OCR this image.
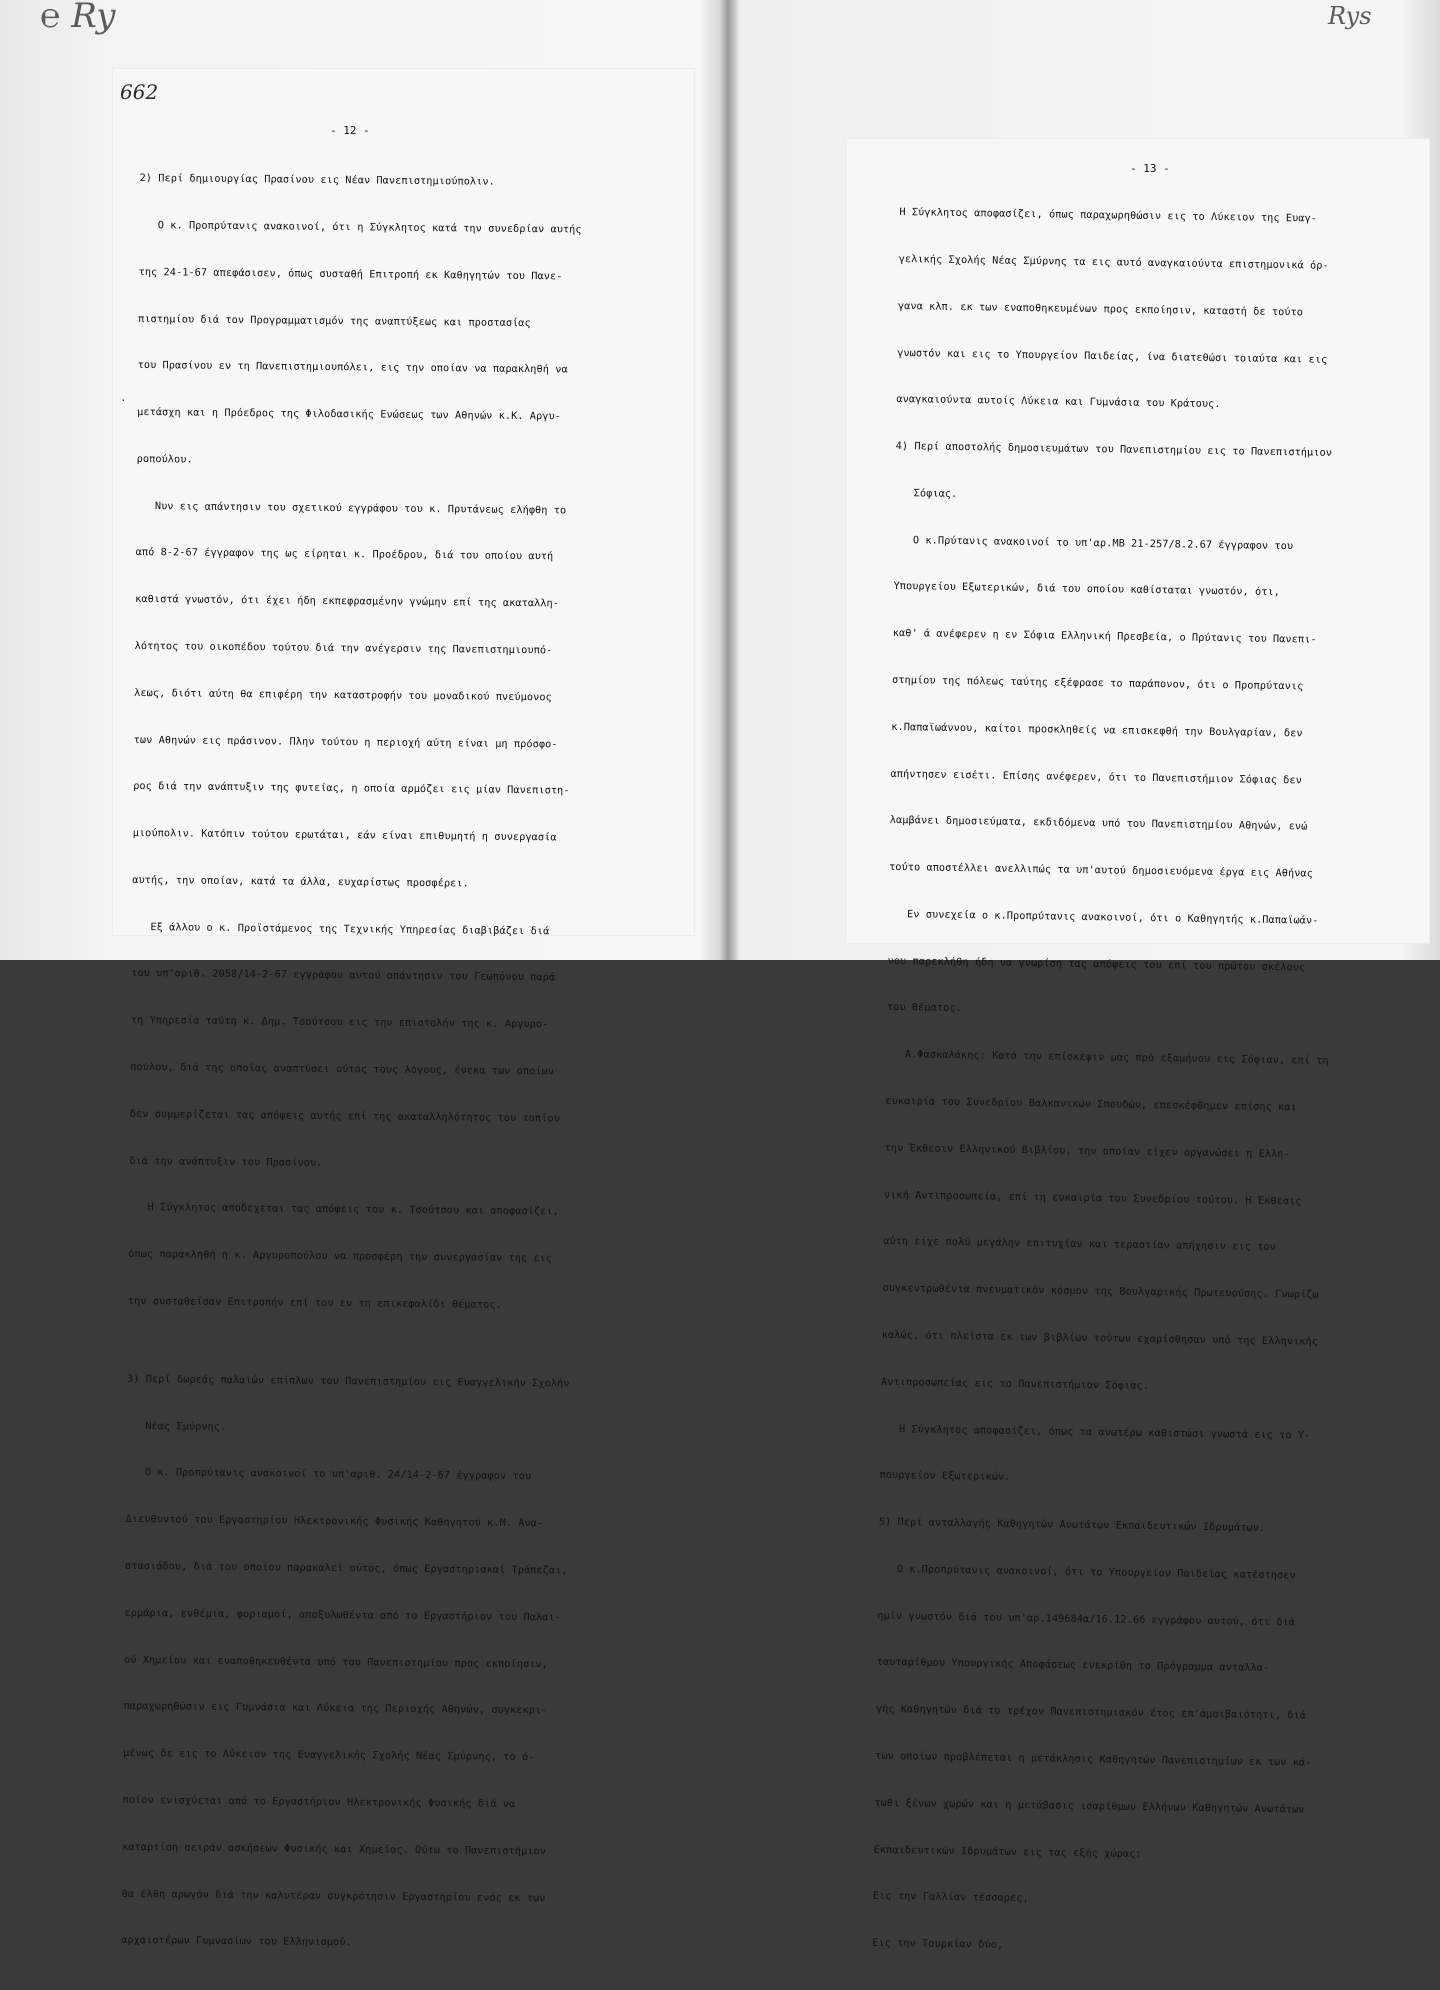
℮ Ry	Rys
662
- 12 -
·

2) Περί δημιουργίας Πρασίνου εις Νέαν Πανεπιστημιούπολιν.

Ο κ. Προπρύτανις ανακοινοί, ότι η Σύγκλητος κατά την συνεδρίαν αυτής

της 24-1-67 απεφάσισεν, όπως συσταθή Επιτροπή εκ Καθηγητών του Πανε-

πιστημίου διά τον Προγραμματισμόν της αναπτύξεως και προστασίας

του Πρασίνου εν τη Πανεπιστημιουπόλει, εις την οποίαν να παρακληθή να

μετάσχη και η Πρόεδρος της Φιλοδασικής Ενώσεως των Αθηνών κ.Κ. Αργυ-

ροπούλου.

Νυν εις απάντησιν του σχετικού εγγράφου του κ. Πρυτάνεως ελήφθη το

από 8-2-67 έγγραφον της ως είρηται κ. Προέδρου, διά του οποίου αυτή

καθιστά γνωστόν, ότι έχει ήδη εκπεφρασμένην γνώμην επί της ακαταλλη-

λότητος του οικοπέδου τούτου διά την ανέγερσιν της Πανεπιστημιουπό-

λεως, διότι αύτη θα επιφέρη την καταστροφήν του μοναδικού πνεύμονος

των Αθηνών εις πράσινον. Πλην τούτου η περιοχή αύτη είναι μη πρόσφο-

ρος διά την ανάπτυξιν της φυτείας, η οποία αρμόζει εις μίαν Πανεπιστη-

μιούπολιν. Κατόπιν τούτου ερωτάται, εάν είναι επιθυμητή η συνεργασία

αυτής, την οποίαν, κατά τα άλλα, ευχαρίστως προσφέρει.

Εξ άλλου ο κ. Προϊστάμενος της Τεχνικής Υπηρεσίας διαβιβάζει διά

του υπ'αριθ. 2058/14-2-67 εγγράφου αυτού απάντησιν του Γεωπόνου παρά

τη Υπηρεσία ταύτη κ. Δημ. Τσούτσου εις την επιστολήν της κ. Αργυρο-

πούλου, διά της οποίας αναπτύσει ούτος τους λόγους, ένεκα των οποίων

δεν συμμερίζεται τας απόψεις αυτής επί της ακαταλληλότητος του τοπίου

διά την ανάπτυξιν του Πρασίνου.

Η Σύγκλητος αποδέχεται τας απόψεις του κ. Τσούτσου και αποφασίζει,

όπως παρακληθή η κ. Αργυροπούλου να προσφέρη την συνεργασίαν της εις

την συσταθείσαν Επιτροπήν επί του εν τη επικεφαλίδι θέματος.

3) Περί δωρεάς παλαιών επίπλων του Πανεπιστημίου εις Ευαγγελικήν Σχολήν

Νέας Σμύρνης.

Ο κ. Προπρύτανις ανακοινοί το υπ'αριθ. 24/14-2-67 έγγραφον του

Διευθυντού του Εργαστηρίου Ηλεκτρονικής Φυσικής Καθηγητού κ.Μ. Ανα-

στασιάδου, διά του οποίου παρακαλεί ούτος, όπως Εργαστηριακαί Τράπεζαι,

ερμάρια, ενθέμια, φοριαμοί, αποξυλωθέντα από το Εργαστήριον του Παλαι-

ού Χημείου και εναποθηκευθέντα υπό του Πανεπιστημίου προς εκποίησιν,

παραχωρηθώσιν εις Γυμνάσια και Λύκεια της Περιοχής Αθηνών, συγκεκρι-

μένως δε εις το Λύκειον της Ευαγγελικής Σχολής Νέας Σμύρνης, το ό-

ποίον ενισχύεται από το Εργαστήριον Ηλεκτρονικής Φυσικής διά να

καταρτίση σειράν ασκήσεων Φυσικής και Χημείας. Ούτω το Πανεπιστήμιον

θα έλθη αρωγόν διά την καλυτέραν συγκρότησιν Εργαστηρίου ενός εκ των

αρχαιοτέρων Γυμνασίων του Ελληνισμού.

- 13 -

Η Σύγκλητος αποφασίζει, όπως παραχωρηθώσιν εις το Λύκειον της Ευαγ-

γελικής Σχολής Νέας Σμύρνης τα εις αυτό αναγκαιούντα επιστημονικά όρ-

γανα κλπ. εκ των εναποθηκευμένων προς εκποίησιν, καταστή δε τούτο

γνωστόν και εις το Υπουργείον Παιδείας, ίνα διατεθώσι τοιαύτα και εις

αναγκαιούντα αυτοίς Λύκεια και Γυμνάσια του Κράτους.

4) Περί αποστολής δημοσιευμάτων του Πανεπιστημίου εις το Πανεπιστήμιον

Σόφιας.

Ο κ.Πρύτανις ανακοινοί το υπ'αρ.ΜΒ 21-257/8.2.67 έγγραφον του

Υπουργείου Εξωτερικών, διά του οποίου καθίσταται γνωστόν, ότι,

καθ' ά ανέφερεν η εν Σόφια Ελληνική Πρεσβεία, ο Πρύτανις του Πανεπι-

στημίου της πόλεως ταύτης εξέφρασε το παράπονον, ότι ο Προπρύτανις

κ.Παπαϊωάννου, καίτοι προσκληθείς να επισκεφθή την Βουλγαρίαν, δεν

απήντησεν εισέτι. Επίσης ανέφερεν, ότι το Πανεπιστήμιον Σόφιας δεν

λαμβάνει δημοσιεύματα, εκδιδόμενα υπό του Πανεπιστημίου Αθηνών, ενώ

τούτο αποστέλλει ανελλιπώς τα υπ'αυτού δημοσιευόμενα έργα εις Αθήνας

Εν συνεχεία ο κ.Προπρύτανις ανακοινοί, ότι ο Καθηγητής κ.Παπαϊωάν-

νου παρεκλήθη ήδη να γνωρίση τας απόψεις του επί του πρώτου σκέλους

του θέματος.

Α.Φασκαλάκης: Κατά την επίσκεψιν μας πρό εξαμήνου εις Σόφιαν, επί τη

ευκαιρία του Συνεδρίου Βαλκανικών Σπουδών, επεσκέφθημεν επίσης και

την Έκθεσιν Ελληνικού Βιβλίου, την οποίαν είχεν οργανώσει η Ελλη-

νική Αντιπροσωπεία, επί τη ευκαιρία του Συνεδρίου τούτου. Η Έκθεσις

αύτη είχε πολύ μεγάλην επιτυχίαν και τεραστίαν απήχησιν εις τον

συγκεντρωθέντα πνευματικόν κόσμον της Βουλγαρικής Πρωτευούσης. Γνωρίζω

καλώς, ότι πλείστα εκ των βιβλίων τούτων εχαρίσθησαν υπό της Ελληνικής

Αντιπροσωπείας εις το Πανεπιστήμιον Σόφιας.

Η Σύγκλητος αποφασίζει, όπως τα ανωτέρω καθιστώσι γνωστά εις το Υ-

πουργείον Εξωτερικών.

5) Περί ανταλλαγής Καθηγητών Ανωτάτων Εκπαιδευτικών Ιδρυμάτων.

Ο κ.Προπρύτανις ανακοινοί, ότι το Υπουργείον Παιδείας κατέστησεν

ημίν γνωστόν διά του υπ'αρ.149684α/16.12.66 εγγράφου αυτού, ότι διά

ταυταρίθμου Υπουργικής Αποφάσεως ενεκρίθη το Πρόγραμμα ανταλλα-

γής Καθηγητών διά το τρέχον Πανεπιστημιακόν έτος επ'αμοιβαιότητι, διά

των οποίων προβλέπεται η μετάκλησις Καθηγητών Πανεπιστημίων εκ των κά-

τωθι ξένων χωρών και η μετάβασις ισαρίθμων Ελλήνων Καθηγητών Ανωτάτων

Εκπαιδευτικών Ιδρυμάτων εις τας εξής χώρας:

Εις την Γαλλίαν τέσσαρες,

Εις την Τουρκίαν δύο,
